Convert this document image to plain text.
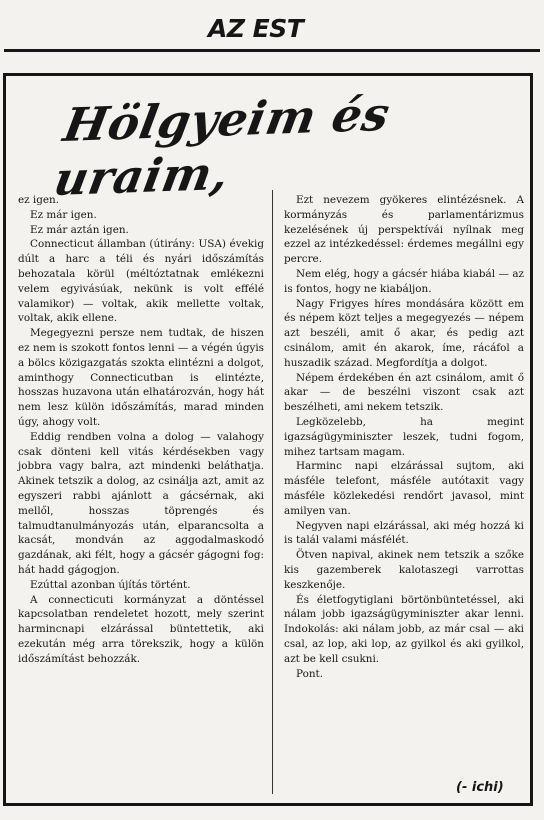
AZ EST
Hölgyeim és uraim,

ez igen.

Ez már igen.

Ez már aztán igen.

Connecticut államban (útirány: USA) évekig dúlt a harc a téli és nyári időszámítás behozatala körül (méltóztatnak emlékezni velem egyivásúak, nekünk is volt effélé valamikor) — voltak, akik mellette voltak, voltak, akik ellene.

Megegyezni persze nem tudtak, de hiszen ez nem is szokott fontos lenni — a végén úgyis a bölcs közigazgatás szokta elintézni a dolgot, aminthogy Connecticutban is elintézte, hosszas huzavona után elhatározván, hogy hát nem lesz külön időszámítás, marad minden úgy, ahogy volt.

Eddig rendben volna a dolog — valahogy csak dönteni kell vitás kérdésekben vagy jobbra vagy balra, azt mindenki beláthatja. Akinek tetszik a dolog, az csinálja azt, amit az egyszeri rabbi ajánlott a gácsérnak, aki mellől, hosszas töprengés és talmudtanulmányozás után, elparancsolta a kacsát, mondván az aggodalmaskodó gazdának, aki félt, hogy a gácsér gágogni fog: hát hadd gágogjon.

Ezúttal azonban újítás történt.

A connecticuti kormányzat a döntéssel kapcsolatban rendeletet hozott, mely szerint harmincnapi elzárással büntettetik, aki ezekután még arra törekszik, hogy a külön időszámítást behozzák.

Ezt nevezem gyökeres elintézésnek. A kormányzás és parlamentárizmus kezelésének új perspektívái nyílnak meg ezzel az intézkedéssel: érdemes megállni egy percre.

Nem elég, hogy a gácsér hiába kiabál — az is fontos, hogy ne kiabáljon.

Nagy Frigyes híres mondására között em és népem közt teljes a megegyezés — népem azt beszéli, amit ő akar, és pedig azt csinálom, amit én akarok, íme, rácáfol a huszadik század. Megfordítja a dolgot.

Népem érdekében én azt csinálom, amit ő akar — de beszélni viszont csak azt beszélheti, ami nekem tetszik.

Legközelebb, ha megint igazságügyminiszter leszek, tudni fogom, mihez tartsam magam.

Harminc napi elzárással sujtom, aki másféle telefont, másféle autótaxit vagy másféle közlekedési rendőrt javasol, mint amilyen van.

Negyven napi elzárással, aki még hozzá ki is talál valami másfélét.

Ötven napival, akinek nem tetszik a szőke kis gazemberek kalotaszegi varrottas keszkenője.

És életfogytiglani börtönbüntetéssel, aki nálam jobb igazságügyminiszter akar lenni. Indokolás: aki nálam jobb, az már csal — aki csal, az lop, aki lop, az gyilkol és aki gyilkol, azt be kell csukni.

Pont.

(- ichi)
